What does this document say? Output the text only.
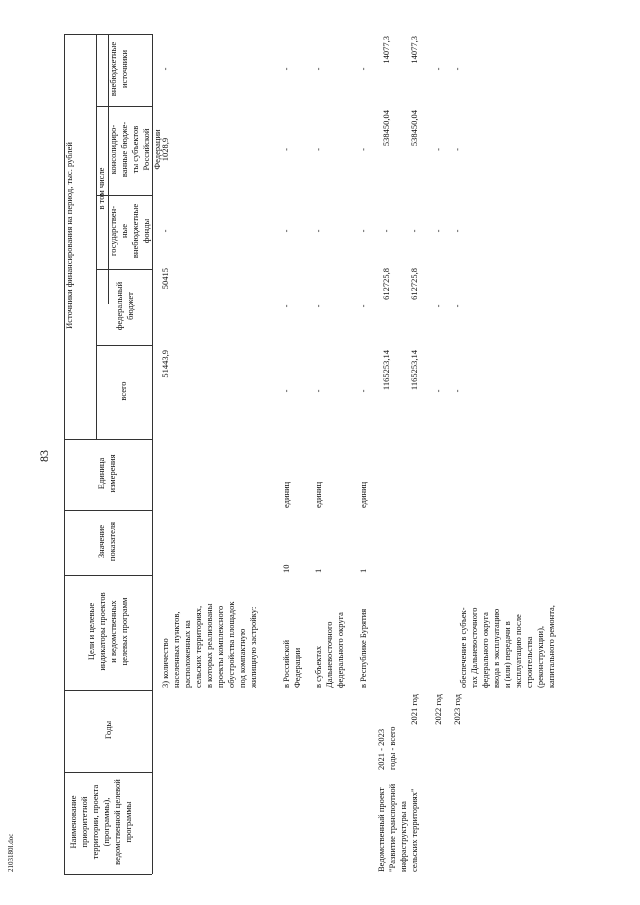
83
2103180l.doc
Наименование
приоритетной
территории, проекта
(программы),
ведомственной целевой
программы
Годы
Цели и целевые
индикаторы проектов
и ведомственных
целевых программ
Значение
показателя
Единица
измерения
Источники финансирования на период, тыс. рублей
всего
в том числе
федеральный
бюджет
государствен-
ные
внебюджетные
фонды
консолидиро-
ванные бюдже-
ты субъектов
Российской
Федерации
внебюджетные
источники
3) количество
населенных пунктов,
расположенных на
сельских территориях,
в которых реализованы
проекты комплексного
обустройства площадок
под компактную
жилищную застройку:
51443,9
50415
-
1028,9
-
в Российской
Федерации
10
единиц
-
-
-
-
-
в субъектах
Дальневосточного
федерального округа
1
единиц
-
-
-
-
-
в Республике Бурятия
1
единиц
-
-
-
-
-
Ведомственный проект
"Развитие транспортной
инфраструктуры на
сельских территориях"
2021 - 2023
годы - всего
1165253,14
612725,8
-
538450,04
14077,3
2021 год
1165253,14
612725,8
-
538450,04
14077,3
2022 год
-
-
-
-
-
2023 год
-
-
-
-
-
обеспечение в субъек-
тах Дальневосточного
федерального округа
ввода в эксплуатацию
и (или) передачи в
эксплуатацию после
строительства
(реконструкции),
капитального ремонта,
